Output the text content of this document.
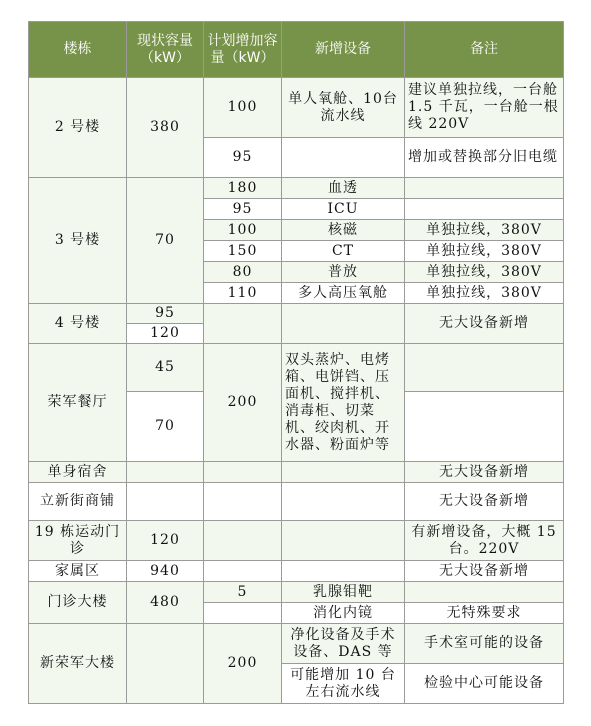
楼栋	现状容量（kW）	计划增加容量（kW）	新增设备	备注
2 号楼	380	100	单人氧舱、10台流水线	建议单独拉线，一台舱 1.5 千瓦，一台舱一根线 220V
		95		增加或替换部分旧电缆
3 号楼	70	180	血透	
		95	ICU	
		100	核磁	单独拉线，380V
		150	CT	单独拉线，380V
		80	普放	单独拉线，380V
		110	多人高压氧舱	单独拉线，380V
4 号楼	95			无大设备新增
	120			
荣军餐厅	45	200	双头蒸炉、电烤箱、电饼铛、压面机、搅拌机、消毒柜、切菜机、绞肉机、开水器、粉面炉等	
	70			
单身宿舍				无大设备新增
立新街商铺				无大设备新增
19 栋运动门诊	120			有新增设备，大概 15 台。220V
家属区	940			无大设备新增
门诊大楼	480	5	乳腺钼靶	
			消化内镜	无特殊要求
新荣军大楼		200	净化设备及手术设备、DAS 等	手术室可能的设备
			可能增加 10 台左右流水线	检验中心可能设备
